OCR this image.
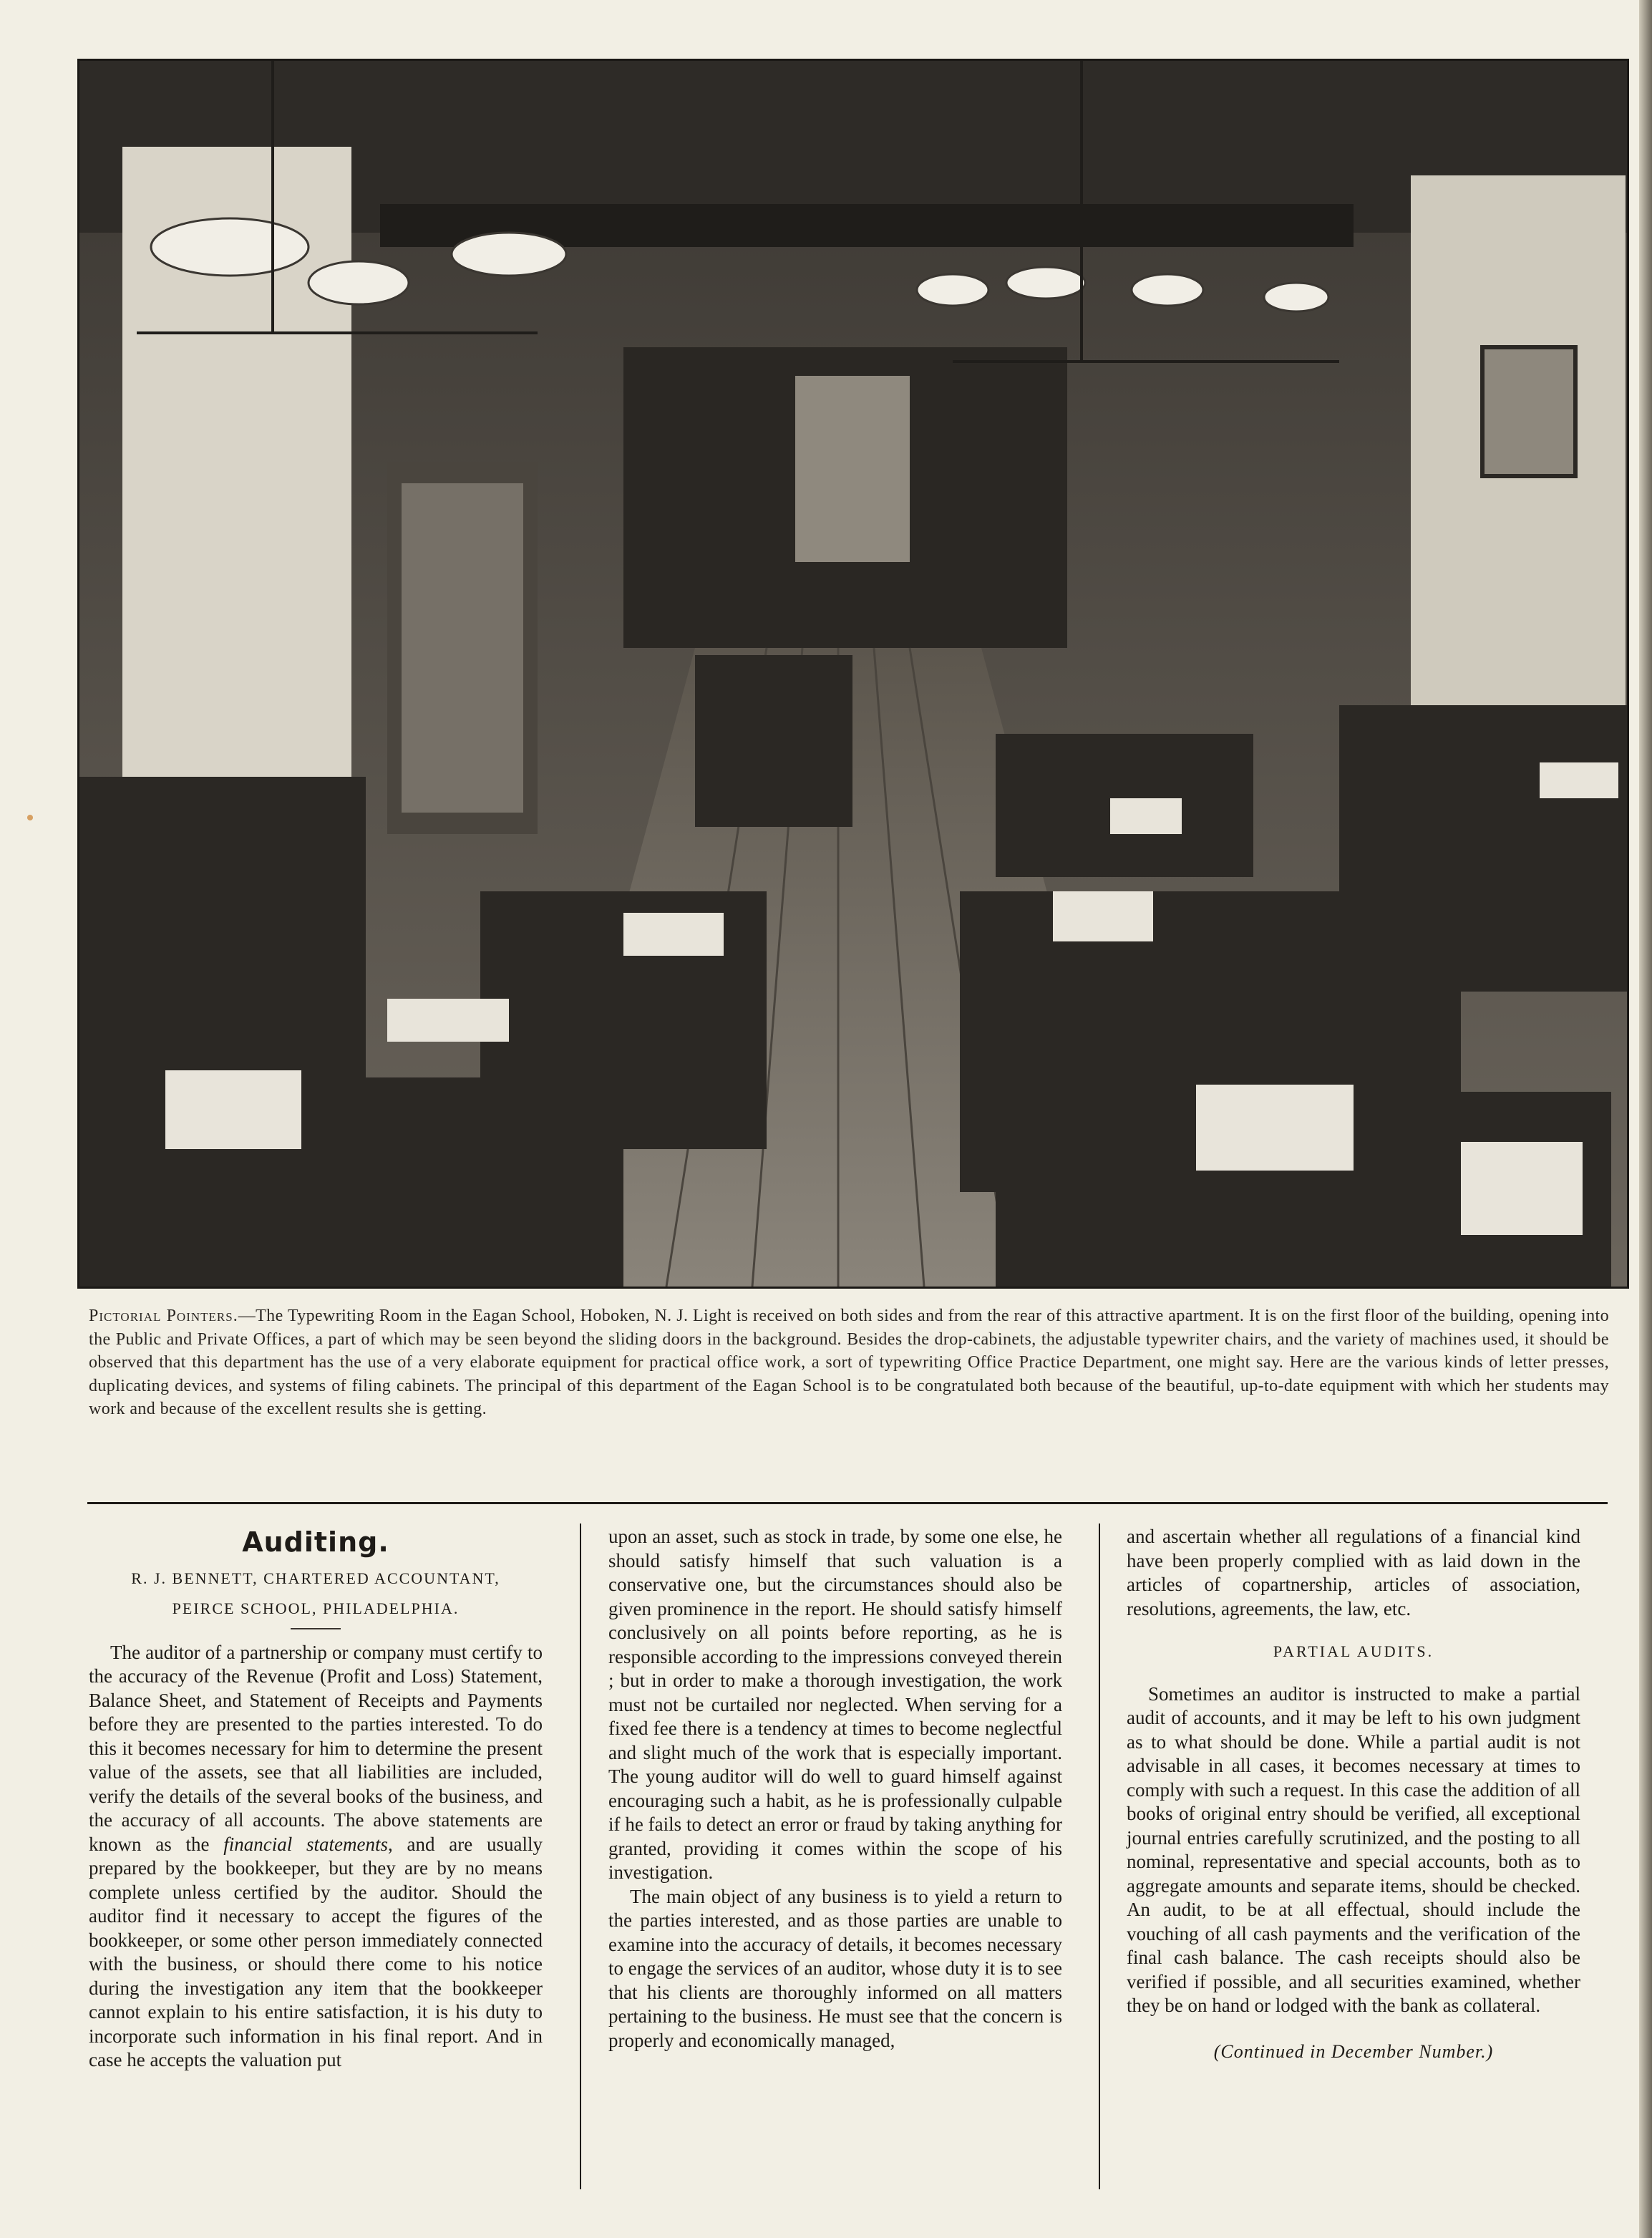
Pictorial Pointers.—The Typewriting Room in the Eagan School, Hoboken, N. J. Light is received on both sides and from the rear of this attractive apartment. It is on the first floor of the building, opening into the Public and Private Offices, a part of which may be seen beyond the sliding doors in the background. Besides the drop-cabinets, the adjustable typewriter chairs, and the variety of machines used, it should be observed that this department has the use of a very elaborate equipment for practical office work, a sort of typewriting Office Practice Department, one might say. Here are the various kinds of letter presses, duplicating devices, and systems of filing cabinets. The principal of this department of the Eagan School is to be congratulated both because of the beautiful, up-to-date equipment with which her students may work and because of the excellent results she is getting.
Auditing.
R. J. BENNETT, CHARTERED ACCOUNTANT,
PEIRCE SCHOOL, PHILADELPHIA.

The auditor of a partnership or company must certify to the accuracy of the Revenue (Profit and Loss) Statement, Balance Sheet, and Statement of Receipts and Payments before they are presented to the parties interested. To do this it becomes necessary for him to determine the present value of the assets, see that all liabilities are included, verify the details of the several books of the business, and the accuracy of all accounts. The above statements are known as the financial statements, and are usually prepared by the bookkeeper, but they are by no means complete unless certified by the auditor. Should the auditor find it necessary to accept the figures of the bookkeeper, or some other person immediately connected with the business, or should there come to his notice during the investigation any item that the bookkeeper cannot explain to his entire satisfaction, it is his duty to incorporate such information in his final report. And in case he accepts the valuation put

upon an asset, such as stock in trade, by some one else, he should satisfy himself that such valuation is a conservative one, but the circumstances should also be given prominence in the report. He should satisfy himself conclusively on all points before reporting, as he is responsible according to the impressions conveyed therein ; but in order to make a thorough investigation, the work must not be curtailed nor neglected. When serving for a fixed fee there is a tendency at times to become neglectful and slight much of the work that is especially important. The young auditor will do well to guard himself against encouraging such a habit, as he is professionally culpable if he fails to detect an error or fraud by taking anything for granted, providing it comes within the scope of his investigation.

The main object of any business is to yield a return to the parties interested, and as those parties are unable to examine into the accuracy of details, it becomes necessary to engage the services of an auditor, whose duty it is to see that his clients are thoroughly informed on all matters pertaining to the business. He must see that the concern is properly and economically managed,

and ascertain whether all regulations of a financial kind have been properly complied with as laid down in the articles of copartnership, articles of association, resolutions, agreements, the law, etc.

PARTIAL AUDITS.

Sometimes an auditor is instructed to make a partial audit of accounts, and it may be left to his own judgment as to what should be done. While a partial audit is not advisable in all cases, it becomes necessary at times to comply with such a request. In this case the addition of all books of original entry should be verified, all exceptional journal entries carefully scrutinized, and the posting to all nominal, representative and special accounts, both as to aggregate amounts and separate items, should be checked. An audit, to be at all effectual, should include the vouching of all cash payments and the verification of the final cash balance. The cash receipts should also be verified if possible, and all securities examined, whether they be on hand or lodged with the bank as collateral.

(Continued in December Number.)
